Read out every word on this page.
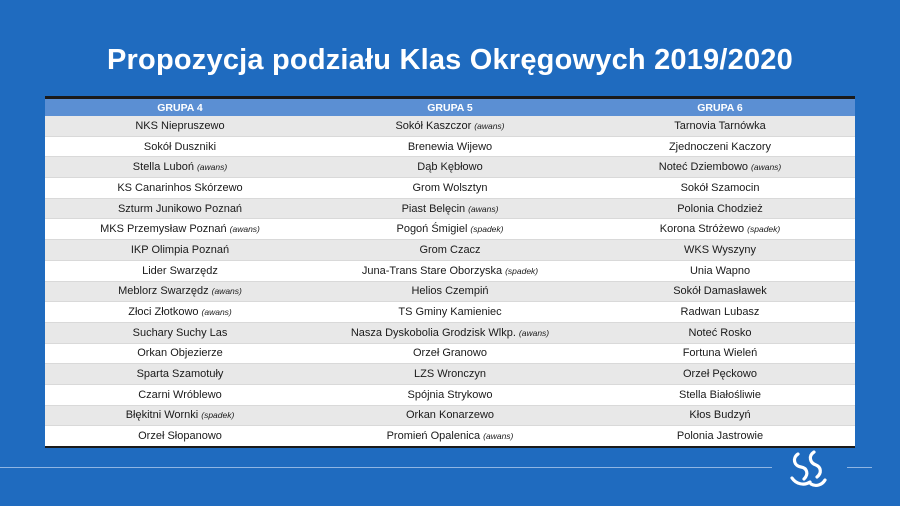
Propozycja podziału Klas Okręgowych 2019/2020
GRUPA 4	GRUPA 5	GRUPA 6
NKS Niepruszewo	Sokół Kaszczor (awans)	Tarnovia Tarnówka
Sokół Duszniki	Brenewia Wijewo	Zjednoczeni Kaczory
Stella Luboń (awans)	Dąb Kębłowo	Noteć Dziembowo (awans)
KS Canarinhos Skórzewo	Grom Wolsztyn	Sokół Szamocin
Szturm Junikowo Poznań	Piast Belęcin (awans)	Polonia Chodzież
MKS Przemysław Poznań (awans)	Pogoń Śmigiel (spadek)	Korona Stróżewo (spadek)
IKP Olimpia Poznań	Grom Czacz	WKS Wyszyny
Lider Swarzędz	Juna-Trans Stare Oborzyska (spadek)	Unia Wapno
Meblorz Swarzędz (awans)	Helios Czempiń	Sokół Damasławek
Złoci Złotkowo (awans)	TS Gminy Kamieniec	Radwan Lubasz
Suchary Suchy Las	Nasza Dyskobolia Grodzisk Wlkp. (awans)	Noteć Rosko
Orkan Objezierze	Orzeł Granowo	Fortuna Wieleń
Sparta Szamotuły	LZS Wronczyn	Orzeł Pęckowo
Czarni Wróblewo	Spójnia Strykowo	Stella Białośliwie
Błękitni Wornki (spadek)	Orkan Konarzewo	Kłos Budzyń
Orzeł Słopanowo	Promień Opalenica (awans)	Polonia Jastrowie
